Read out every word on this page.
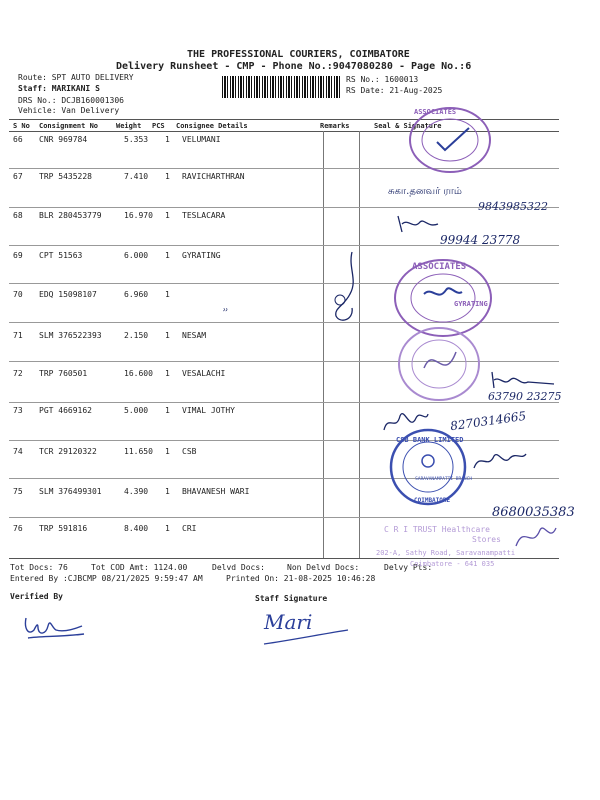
THE PROFESSIONAL COURIERS, COIMBATORE
Delivery Runsheet - CMP - Phone No.:9047080280 - Page No.:6
Route: SPT AUTO DELIVERY
Staff: MARIKANI S
DRS No.: DCJB160001306
Vehicle: Van Delivery
RS No.: 1600013
RS Date: 21-Aug-2025
S No Consignment No	Weight PCS Consignee Details	Remarks	Seal & Signature
66 CNR 969784	5.353 1 VELUMANI
67 TRP 5435228	7.410 1 RAVICHARTHRAN
68 BLR 280453779	16.970 1 TESLACARA
69 CPT 51563	6.000 1 GYRATING
70 EDQ 15098107	6.960 1
71 SLM 376522393	2.150 1 NESAM
72 TRP 760501	16.600 1 VESALACHI
73 PGT 4669162	5.000 1 VIMAL JOTHY
74 TCR 29120322	11.650 1 CSB
75 SLM 376499301	4.390 1 BHAVANESH WARI
76 TRP 591816	8.400 1 CRI
Tot Docs: 76	Tot COD Amt: 1124.00	Delvd Docs:	Non Delvd Docs:	Delvy Pts:
Entered By :CJBCMP 08/21/2025 9:59:47 AM	Printed On: 21-08-2025 10:46:28
Verified By	Staff Signature
Mari
ASSOCIATES
ASSOCIATES
GYRATING
CSB BANK LIMITED
SARAVANAMPATTI BRANCH
COIMBATORE
C R I TRUST Healthcare
Stores
202-A, Sathy Road, Saravanampatti
Coimbatore - 641 035
சுகா.தனவர் ராம்
9843985322
99944 23778
᠈᠈
63790 23275
8270314665
8680035383
